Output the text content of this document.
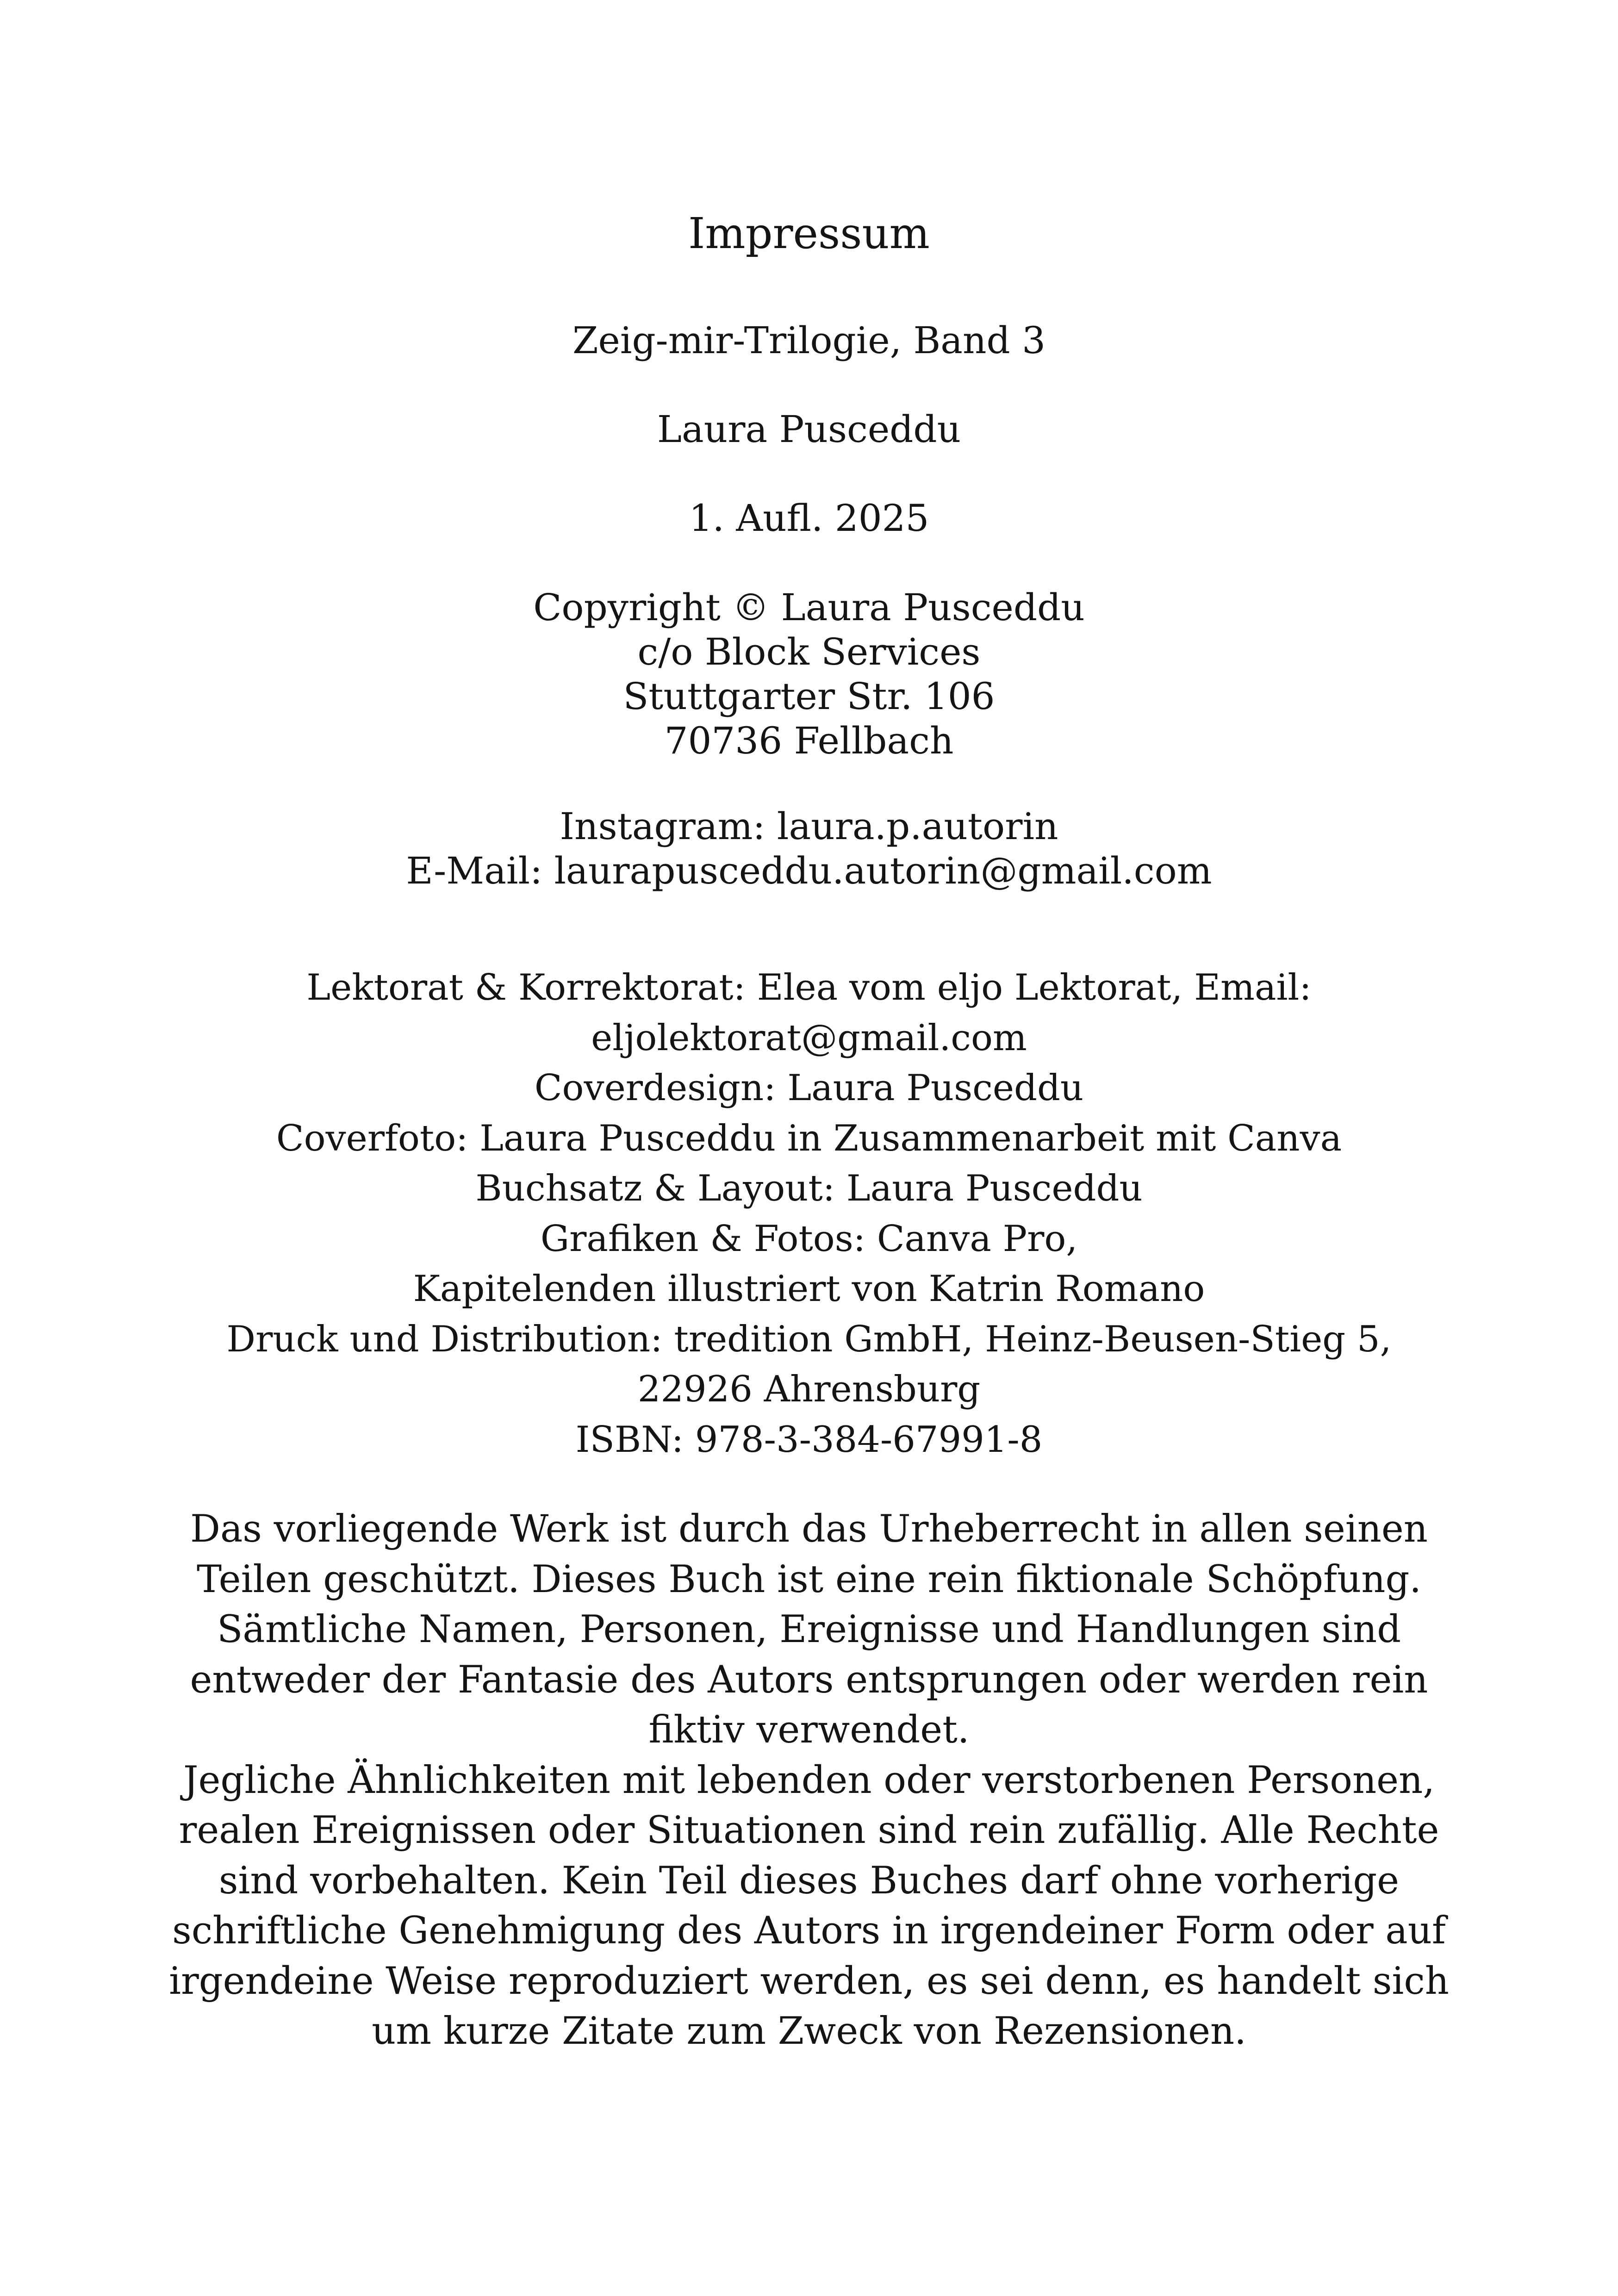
Impressum
Zeig-mir-Trilogie, Band 3
Laura Pusceddu
1. Aufl. 2025
Copyright © Laura Pusceddu
c/o Block Services
Stuttgarter Str. 106
70736 Fellbach
Instagram: laura.p.autorin
E-Mail: laurapusceddu.autorin@gmail.com
Lektorat & Korrektorat: Elea vom eljo Lektorat, Email:
eljolektorat@gmail.com
Coverdesign: Laura Pusceddu
Coverfoto: Laura Pusceddu in Zusammenarbeit mit Canva
Buchsatz & Layout: Laura Pusceddu
Grafiken & Fotos: Canva Pro,
Kapitelenden illustriert von Katrin Romano
Druck und Distribution: tredition GmbH, Heinz-Beusen-Stieg 5,
22926 Ahrensburg
ISBN: 978-3-384-67991-8
Das vorliegende Werk ist durch das Urheberrecht in allen seinen
Teilen geschützt. Dieses Buch ist eine rein fiktionale Schöpfung.
Sämtliche Namen, Personen, Ereignisse und Handlungen sind
entweder der Fantasie des Autors entsprungen oder werden rein
fiktiv verwendet.
Jegliche Ähnlichkeiten mit lebenden oder verstorbenen Personen,
realen Ereignissen oder Situationen sind rein zufällig. Alle Rechte
sind vorbehalten. Kein Teil dieses Buches darf ohne vorherige
schriftliche Genehmigung des Autors in irgendeiner Form oder auf
irgendeine Weise reproduziert werden, es sei denn, es handelt sich
um kurze Zitate zum Zweck von Rezensionen.
